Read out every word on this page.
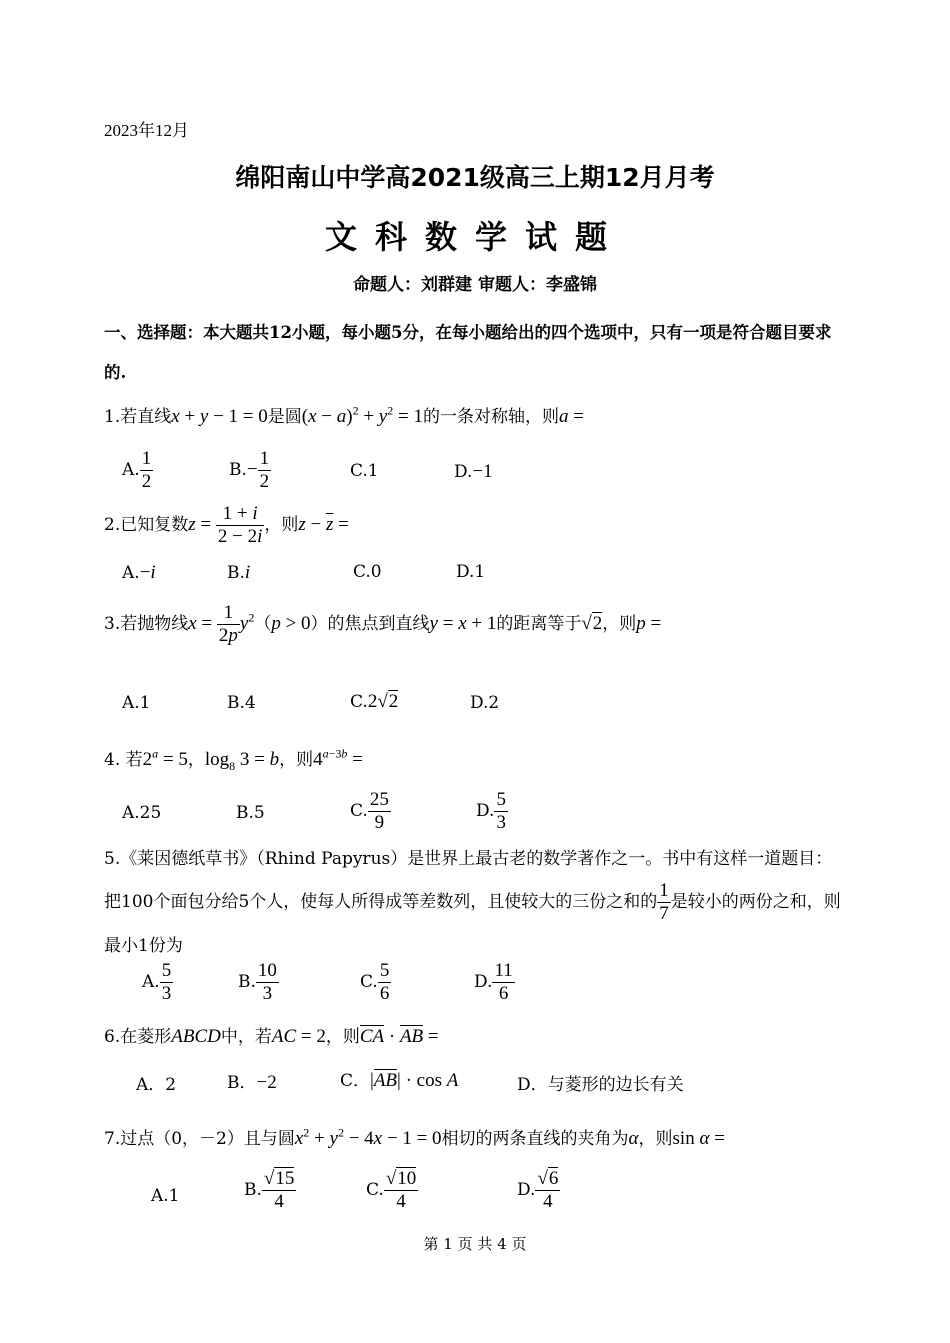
2023年12月
绵阳南山中学高2021级高三上期12月月考
文科数学试题
命题人：刘群建 审题人：李盛锦
一、选择题：本大题共12小题，每小题5分，在每小题给出的四个选项中，只有一项是符合题目要求的.
1.若直线x + y − 1 = 0是圆$(x - a)^2 + y^2 = 1$的一条对称轴，则a =
A. $\frac{1}{2}$	$B.- \frac{1}{2}$	C.1	D.−1
2.已知复数$z = \frac{1 + i}{2 - 2i}$ ，则$z - \overline{z}$ =
A.−i	B.i	C.0	D.1
3.若抛物线$x = \frac{1}{2p} y^2(p > 0)$的焦点到直线y = x + 1的距离等于√2，则p =
A.1	B.4	C.2√2	D.2
4. 若$2^a = 5$，$\log_8 3 = b$，则$4^{a-3b}$ =
A.25	B.5	C. $\frac{25}{9}$	D. $\frac{5}{3}$
5.《莱因德纸草书》（Rhind Papyrus）是世界上最古老的数学著作之一。书中有这样一道题目：把100个面包分给5个人，使每人所得成等差数列，且使较大的三份之和的 $\frac{1}{7}$ 是较小的两份之和，则最小1份为
A. $\frac{5}{3}$	B. $\frac{10}{3}$	C. $\frac{5}{6}$	D. $\frac{11}{6}$
6.在菱形ABCD中，若AC = 2，则CA · AB =
A．2	B．−2	C．|AB| · cos A	D．与菱形的边长有关
7.过点（0，－2）且与圆$x^2 + y^2 - 4x - 1 = 0$相切的两条直线的夹角为α，则sin α =
A.1	B. $\frac{√15}{4}$	C. $\frac{√10}{4}$	D. $\frac{√6}{4}$
第 1 页 共 4 页
